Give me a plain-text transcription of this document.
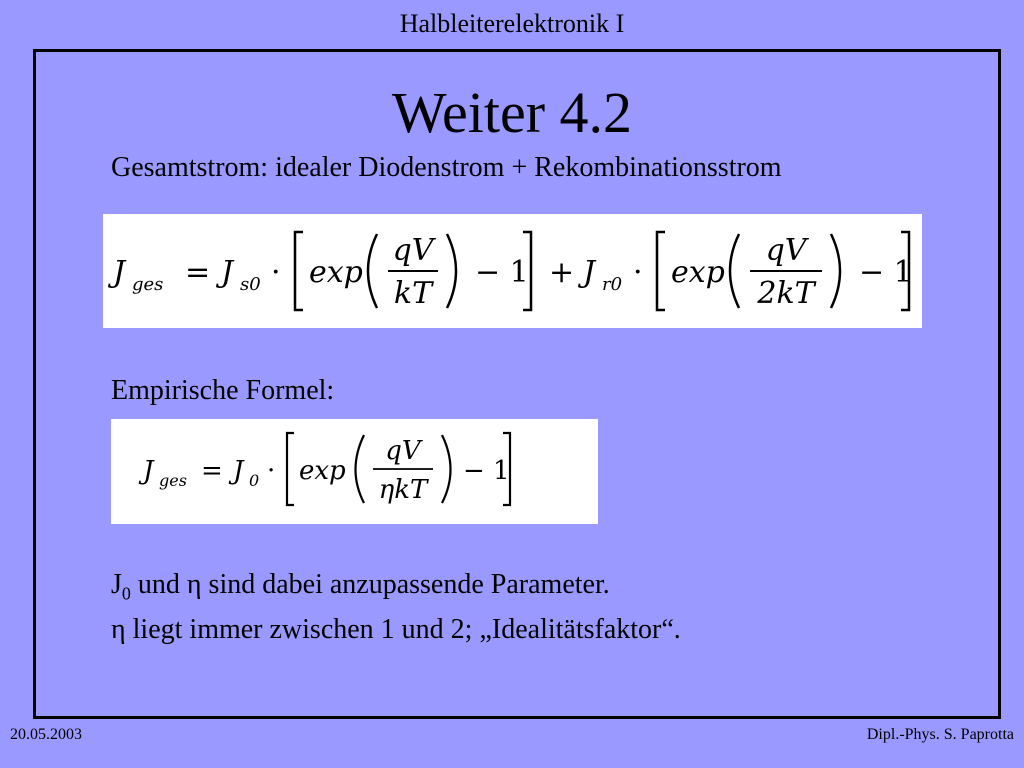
Halbleiterelektronik I
Weiter 4.2
Gesamtstrom: idealer Diodenstrom + Rekombinationsstrom
J ges = J s0 · exp
qV
kT
− 1 + J r0 · exp
qV
2kT
− 1
Empirische Formel:
J ges = J 0 · exp
qV
ηkT
− 1
$J_0$ und η sind dabei anzupassende Parameter.
η liegt immer zwischen 1 und 2; „Idealitätsfaktor“.
20.05.2003	Dipl.-Phys. S. Paprotta
